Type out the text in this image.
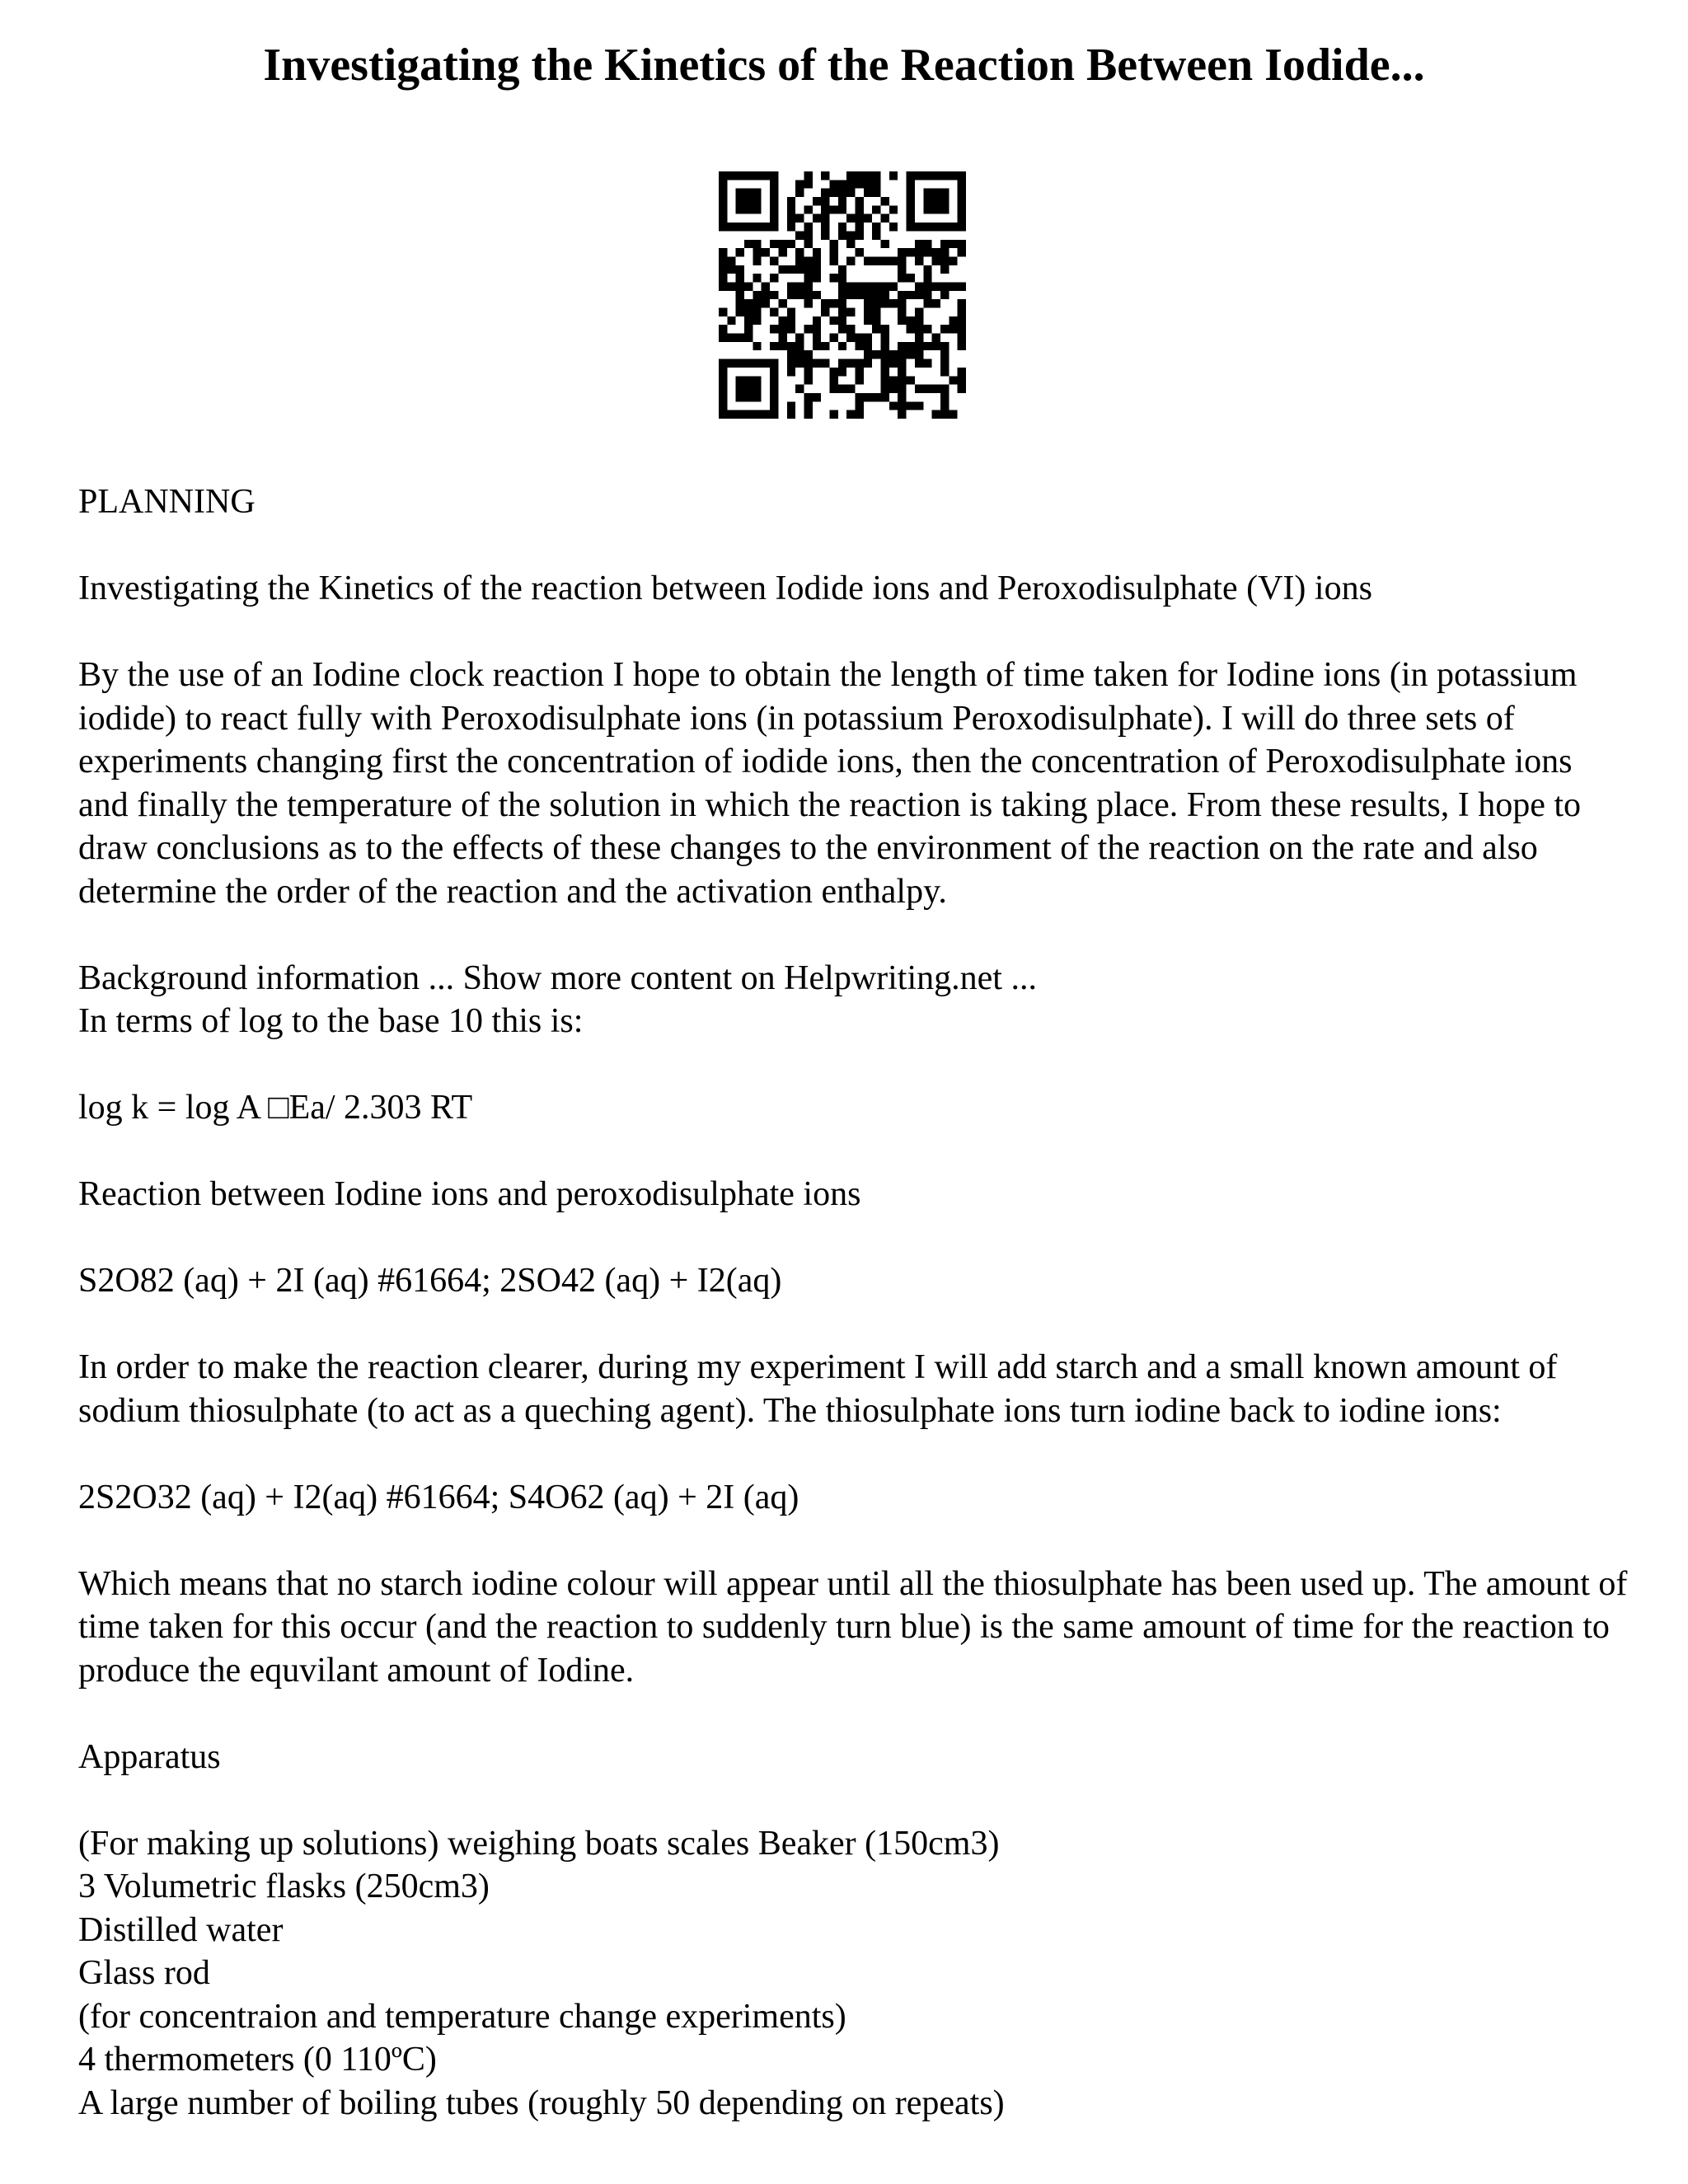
Investigating the Kinetics of the Reaction Between Iodide...

PLANNING

Investigating the Kinetics of the reaction between Iodide ions and Peroxodisulphate (VI) ions

By the use of an Iodine clock reaction I hope to obtain the length of time taken for Iodine ions (in potassium iodide) to react fully with Peroxodisulphate ions (in potassium Peroxodisulphate). I will do three sets of experiments changing first the concentration of iodide ions, then the concentration of Peroxodisulphate ions and finally the temperature of the solution in which the reaction is taking place. From these results, I hope to draw conclusions as to the effects of these changes to the environment of the reaction on the rate and also determine the order of the reaction and the activation enthalpy.

Background information ... Show more content on Helpwriting.net ...
In terms of log to the base 10 this is:

log k = log A □Ea/ 2.303 RT

Reaction between Iodine ions and peroxodisulphate ions

S2O82 (aq) + 2I (aq) #61664; 2SO42 (aq) + I2(aq)

In order to make the reaction clearer, during my experiment I will add starch and a small known amount of sodium thiosulphate (to act as a queching agent). The thiosulphate ions turn iodine back to iodine ions:

2S2O32 (aq) + I2(aq) #61664; S4O62 (aq) + 2I (aq)

Which means that no starch iodine colour will appear until all the thiosulphate has been used up. The amount of time taken for this occur (and the reaction to suddenly turn blue) is the same amount of time for the reaction to produce the equvilant amount of Iodine.

Apparatus

(For making up solutions) weighing boats scales Beaker (150cm3)
3 Volumetric flasks (250cm3)
Distilled water
Glass rod
(for concentraion and temperature change experiments)
4 thermometers (0 110ºC)
A large number of boiling tubes (roughly 50 depending on repeats)
